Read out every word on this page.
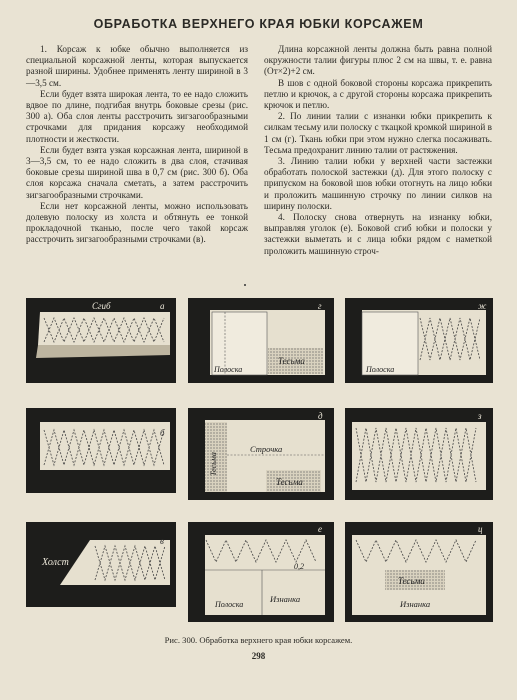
ОБРАБОТКА ВЕРХНЕГО КРАЯ ЮБКИ КОРСАЖЕМ

1. Корсаж к юбке обычно выполняется из специальной корсажной ленты, которая выпускается разной ширины. Удобнее применять ленту шириной в 3—3,5 см.

Если будет взята широкая лента, то ее надо сложить вдвое по длине, подгибая внутрь боковые срезы (рис. 300 а). Оба слоя ленты расстрочить зигзагообразными строчками для придания корсажу необходимой плотности и жесткости.

Если будет взята узкая корсажная лента, шириной в 3—3,5 см, то ее надо сложить в два слоя, стачивая боковые срезы шириной шва в 0,7 см (рис. 300 б). Оба слоя корсажа сначала сметать, а затем расстрочить зигзагообразными строчками.

Если нет корсажной ленты, можно использовать долевую полоску из холста и обтянуть ее тонкой прокладочной тканью, после чего такой корсаж расстрочить зигзагообразными строчками (в).

Длина корсажной ленты должна быть равна полной окружности талии фигуры плюс 2 см на швы, т. е. равна (От×2)+2 см.

В шов с одной боковой стороны корсажа прикрепить петлю и крючок, а с другой стороны корсажа прикрепить крючок и петлю.

2. По линии талии с изнанки юбки прикрепить к силкам тесьму или полоску с ткацкой кромкой шириной в 1 см (г). Ткань юбки при этом нужно слегка посаживать. Тесьма предохранит линию талии от растяжения.

3. Линию талии юбки у верхней части застежки обработать полоской застежки (д). Для этого полоску с припуском на боковой шов юбки отогнуть на лицо юбки и проложить машинную строчку по линии силков на ширину полоски.

4. Полоску снова отвернуть на изнанку юбки, выправляя уголок (е). Боковой сгиб юбки и полоски у застежки выметать и с лица юбки рядом с наметкой проложить машинную строч-

Сгиб	а
б
Холст
в
Тесьма
Полоска
г
Строчка
Тесьма
Тесьма
д
0,2
Полоска
Изнанка
е
Полоска
ж
з
Тесьма
Изнанка
ц
Рис. 300. Обработка верхнего края юбки корсажем.
298
